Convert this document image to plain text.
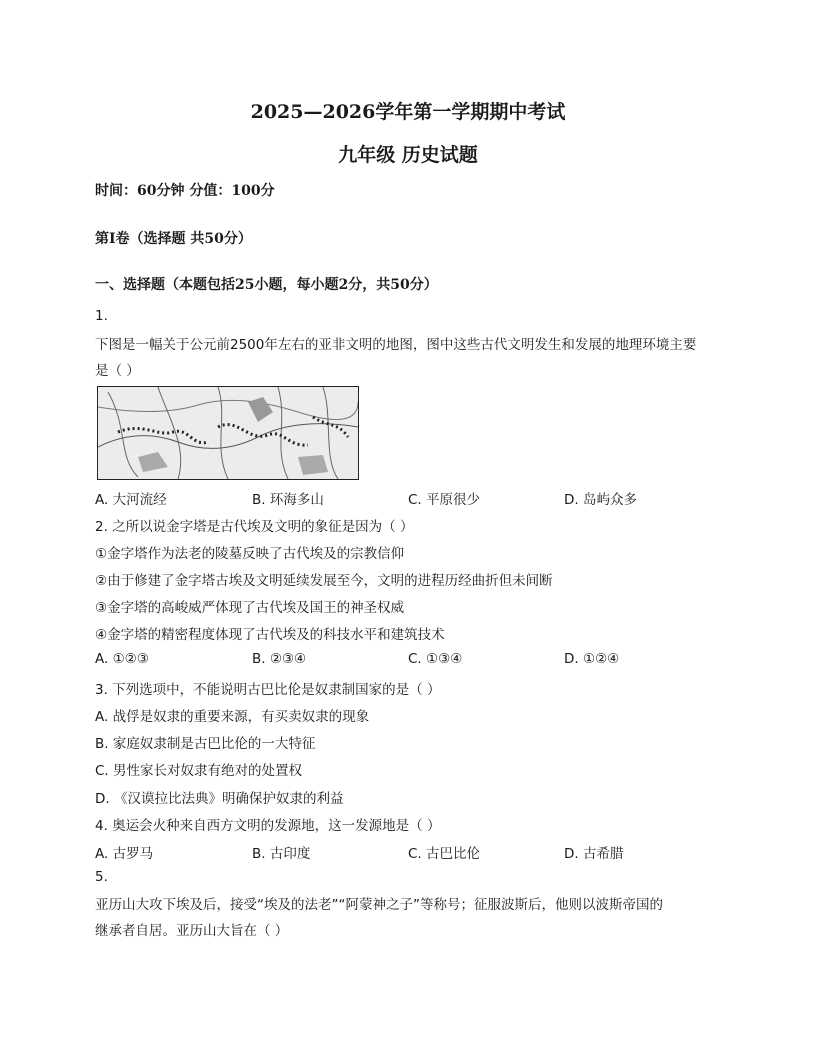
2025—2026学年第一学期期中考试
九年级 历史试题
时间：60分钟 分值：100分
第Ⅰ卷（选择题 共50分）
一、选择题（本题包括25小题，每小题2分，共50分）
1.
下图是一幅关于公元前2500年左右的亚非文明的地图，图中这些古代文明发生和发展的地理环境主要
是（ ）
A. 大河流经	B. 环海多山	C. 平原很少	D. 岛屿众多
2. 之所以说金字塔是古代埃及文明的象征是因为（ ）
①金字塔作为法老的陵墓反映了古代埃及的宗教信仰
②由于修建了金字塔古埃及文明延续发展至今，文明的进程历经曲折但未间断
③金字塔的高峻威严体现了古代埃及国王的神圣权威
④金字塔的精密程度体现了古代埃及的科技水平和建筑技术
A. ①②③	B. ②③④	C. ①③④	D. ①②④
3. 下列选项中，不能说明古巴比伦是奴隶制国家的是（ ）
A. 战俘是奴隶的重要来源，有买卖奴隶的现象
B. 家庭奴隶制是古巴比伦的一大特征
C. 男性家长对奴隶有绝对的处置权
D. 《汉谟拉比法典》明确保护奴隶的利益
4. 奥运会火种来自西方文明的发源地，这一发源地是（ ）
A. 古罗马	B. 古印度	C. 古巴比伦	D. 古希腊
5.
亚历山大攻下埃及后，接受“埃及的法老”“阿蒙神之子”等称号；征服波斯后，他则以波斯帝国的
继承者自居。亚历山大旨在（ ）
